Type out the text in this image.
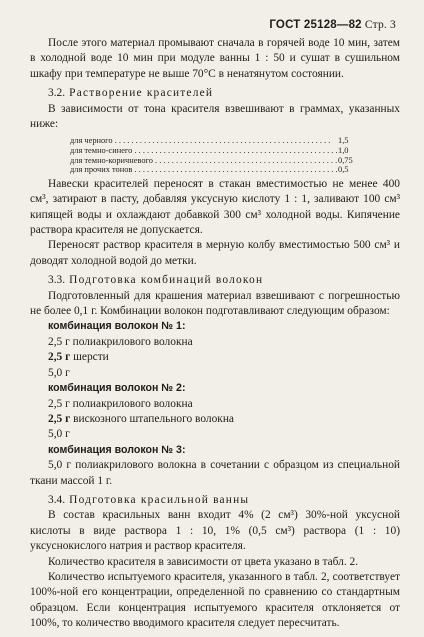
ГОСТ 25128—82 Стр. 3

После этого материал промывают сначала в горячей воде 10 мин, затем в холодной воде 10 мин при модуле ванны 1 : 50 и сушат в сушильном шкафу при температуре не выше 70°С в ненатянутом состоянии.

3.2. Растворение красителей

В зависимости от тона красителя взвешивают в граммах, указанных ниже:

для черного . . .	1,5
для темно-синего . . .	1,0
для темно-коричневого . . .	0,75
для прочих тонов . . .	0,5

Навески красителей переносят в стакан вместимостью не менее 400 см³, затирают в пасту, добавляя уксусную кислоту 1 : 1, заливают 100 см³ кипящей воды и охлаждают добавкой 300 см³ холодной воды. Кипячение раствора красителя не допускается.

Переносят раствор красителя в мерную колбу вместимостью 500 см³ и доводят холодной водой до метки.

3.3. Подготовка комбинаций волокон

Подготовленный для крашения материал взвешивают с погрешностью не более 0,1 г. Комбинации волокон подготавливают следующим образом:

комбинация волокон № 1:

2,5 г полиакрилового волокна

2,5 г шерсти

5,0 г

комбинация волокон № 2:

2,5 г полиакрилового волокна

2,5 г вискозного штапельного волокна

5,0 г

комбинация волокон № 3:

5,0 г полиакрилового волокна в сочетании с образцом из специальной ткани массой 1 г.

3.4. Подготовка красильной ванны

В состав красильных ванн входит 4% (2 см³) 30%-ной уксусной кислоты в виде раствора 1 : 10, 1% (0,5 см³) раствора (1 : 10) уксуснокислого натрия и раствор красителя.

Количество красителя в зависимости от цвета указано в табл. 2.

Количество испытуемого красителя, указанного в табл. 2, соответствует 100%-ной его концентрации, определенной по сравнению со стандартным образцом. Если концентрация испытуемого красителя отклоняется от 100%, то количество вводимого красителя следует пересчитать.
